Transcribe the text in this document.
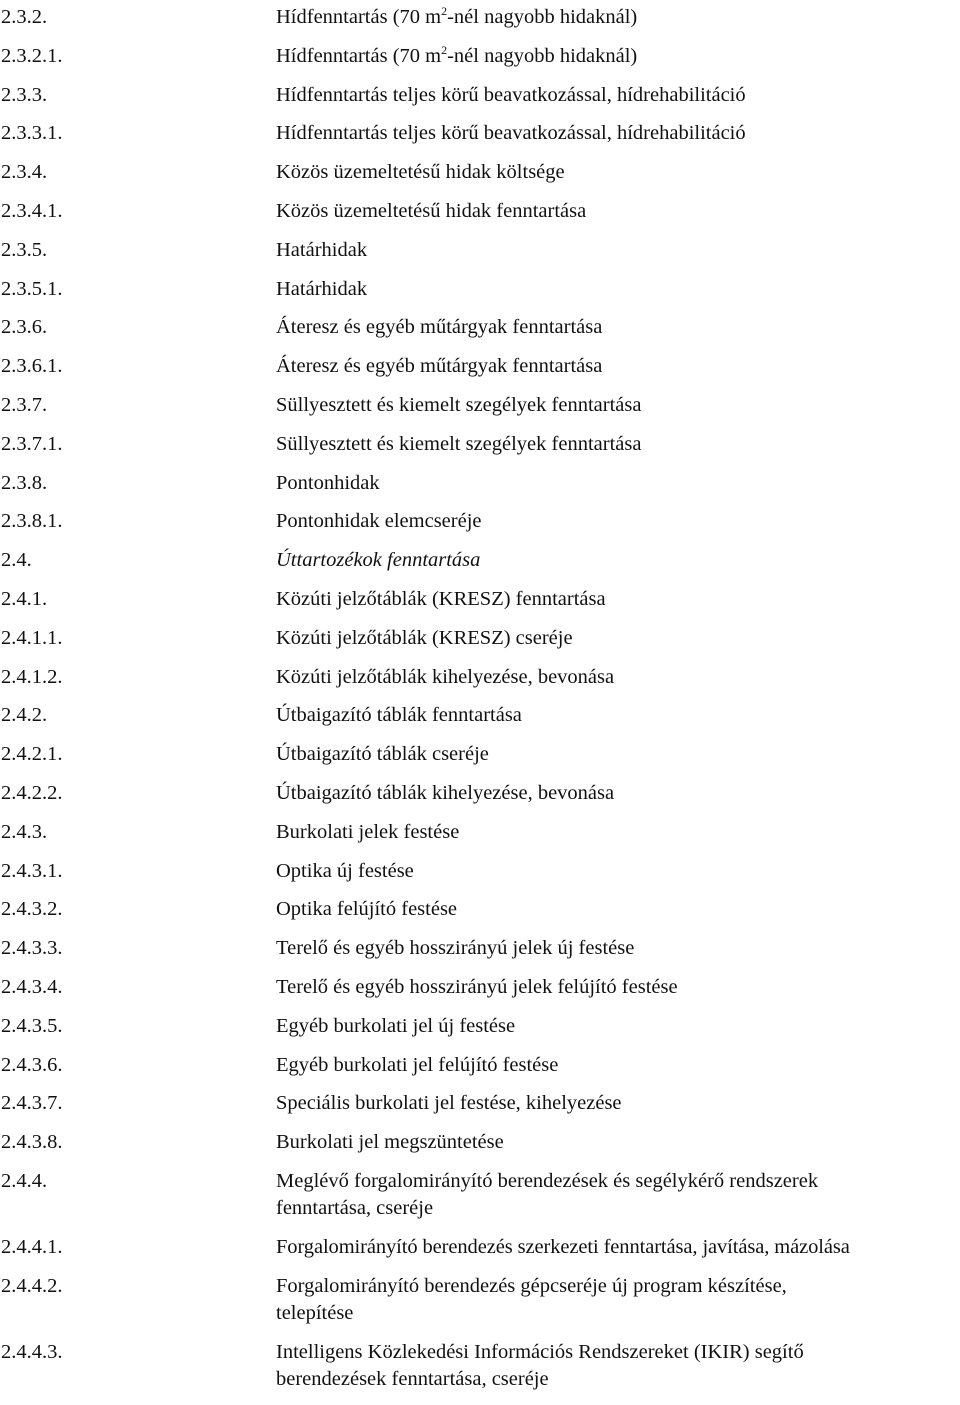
2.3.2.	Hídfenntartás (70 $m^2$-nél nagyobb hidaknál)
2.3.2.1.	Hídfenntartás (70 $m^2$-nél nagyobb hidaknál)
2.3.3.	Hídfenntartás teljes körű beavatkozással, hídrehabilitáció
2.3.3.1.	Hídfenntartás teljes körű beavatkozással, hídrehabilitáció
2.3.4.	Közös üzemeltetésű hidak költsége
2.3.4.1.	Közös üzemeltetésű hidak fenntartása
2.3.5.	Határhidak
2.3.5.1.	Határhidak
2.3.6.	Áteresz és egyéb műtárgyak fenntartása
2.3.6.1.	Áteresz és egyéb műtárgyak fenntartása
2.3.7.	Süllyesztett és kiemelt szegélyek fenntartása
2.3.7.1.	Süllyesztett és kiemelt szegélyek fenntartása
2.3.8.	Pontonhidak
2.3.8.1.	Pontonhidak elemcseréje
2.4.	Úttartozékok fenntartása
2.4.1.	Közúti jelzőtáblák (KRESZ) fenntartása
2.4.1.1.	Közúti jelzőtáblák (KRESZ) cseréje
2.4.1.2.	Közúti jelzőtáblák kihelyezése, bevonása
2.4.2.	Útbaigazító táblák fenntartása
2.4.2.1.	Útbaigazító táblák cseréje
2.4.2.2.	Útbaigazító táblák kihelyezése, bevonása
2.4.3.	Burkolati jelek festése
2.4.3.1.	Optika új festése
2.4.3.2.	Optika felújító festése
2.4.3.3.	Terelő és egyéb hosszirányú jelek új festése
2.4.3.4.	Terelő és egyéb hosszirányú jelek felújító festése
2.4.3.5.	Egyéb burkolati jel új festése
2.4.3.6.	Egyéb burkolati jel felújító festése
2.4.3.7.	Speciális burkolati jel festése, kihelyezése
2.4.3.8.	Burkolati jel megszüntetése
2.4.4.	Meglévő forgalomirányító berendezések és segélykérő rendszerek
fenntartása, cseréje
2.4.4.1.	Forgalomirányító berendezés szerkezeti fenntartása, javítása, mázolása
2.4.4.2.	Forgalomirányító berendezés gépcseréje új program készítése,
telepítése
2.4.4.3.	Intelligens Közlekedési Információs Rendszereket (IKIR) segítő
berendezések fenntartása, cseréje
